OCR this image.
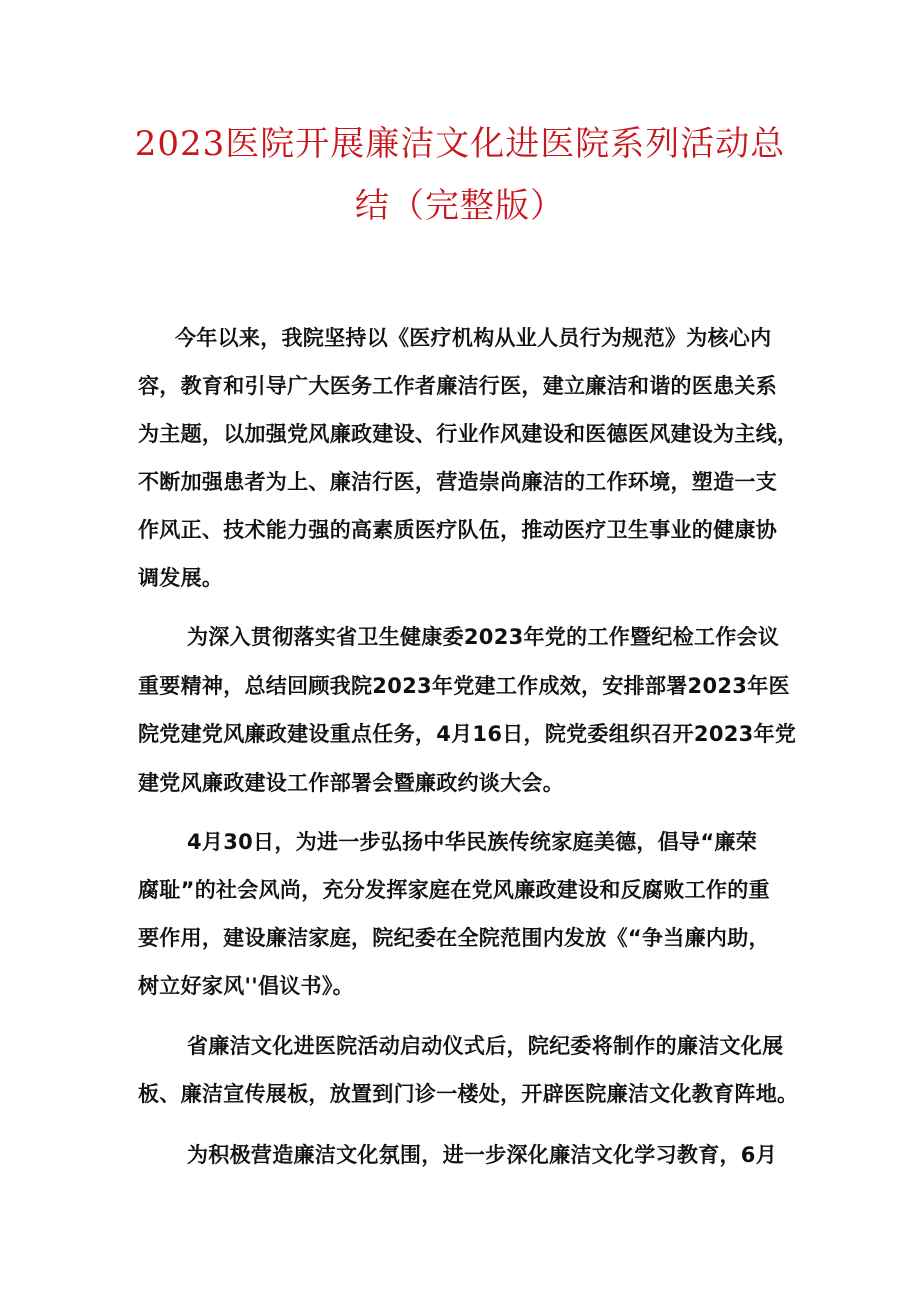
2023医院开展廉洁文化进医院系列活动总
结（完整版）
今年以来，我院坚持以《医疗机构从业人员行为规范》为核心内
容，教育和引导广大医务工作者廉洁行医，建立廉洁和谐的医患关系
为主题，以加强党风廉政建设、行业作风建设和医德医风建设为主线，
不断加强患者为上、廉洁行医，营造崇尚廉洁的工作环境，塑造一支
作风正、技术能力强的高素质医疗队伍，推动医疗卫生事业的健康协
调发展。
为深入贯彻落实省卫生健康委2023年党的工作暨纪检工作会议
重要精神，总结回顾我院2023年党建工作成效，安排部署2023年医
院党建党风廉政建设重点任务，4月16日，院党委组织召开2023年党
建党风廉政建设工作部署会暨廉政约谈大会。
4月30日，为进一步弘扬中华民族传统家庭美德，倡导“廉荣
腐耻”的社会风尚，充分发挥家庭在党风廉政建设和反腐败工作的重
要作用，建设廉洁家庭，院纪委在全院范围内发放《“争当廉内助，
树立好家风''倡议书》。
省廉洁文化进医院活动启动仪式后，院纪委将制作的廉洁文化展
板、廉洁宣传展板，放置到门诊一楼处，开辟医院廉洁文化教育阵地。
为积极营造廉洁文化氛围，进一步深化廉洁文化学习教育，6月
